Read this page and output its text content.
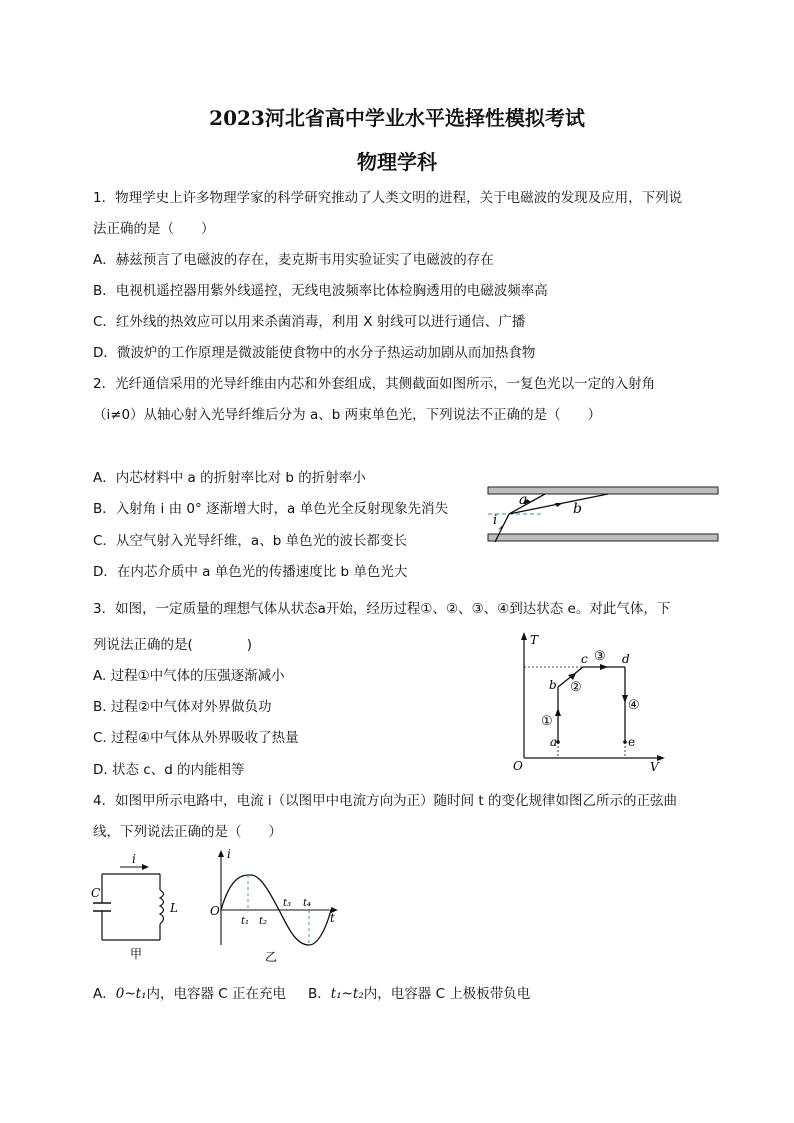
2023河北省高中学业水平选择性模拟考试
物理学科
1．物理学史上许多物理学家的科学研究推动了人类文明的进程，关于电磁波的发现及应用，下列说
法正确的是（　　）
A．赫兹预言了电磁波的存在，麦克斯韦用实验证实了电磁波的存在
B．电视机遥控器用紫外线遥控，无线电波频率比体检胸透用的电磁波频率高
C．红外线的热效应可以用来杀菌消毒，利用 X 射线可以进行通信、广播
D．微波炉的工作原理是微波能使食物中的水分子热运动加剧从而加热食物
2．光纤通信采用的光导纤维由内芯和外套组成，其侧截面如图所示，一复色光以一定的入射角
（i≠0）从轴心射入光导纤维后分为 a、b 两束单色光，下列说法不正确的是（　　）
A．内芯材料中 a 的折射率比对 b 的折射率小
B．入射角 i 由 0° 逐渐增大时，a 单色光全反射现象先消失
C．从空气射入光导纤维，a、b 单色光的波长都变长
D．在内芯介质中 a 单色光的传播速度比 b 单色光大
a
b
i
3．如图，一定质量的理想气体从状态a开始，经历过程①、②、③、④到达状态 e。对此气体，下
列说法正确的是(　　　　)
A. 过程①中气体的压强逐渐减小
B. 过程②中气体对外界做负功
C. 过程④中气体从外界吸收了热量
D. 状态 c、d 的内能相等
T
V
O
a
b
c	d
e
①
②
③
④
4．如图甲所示电路中，电流 i（以图甲中电流方向为正）随时间 t 的变化规律如图乙所示的正弦曲
线，下列说法正确的是（　　）
i
C
L
甲
i
t
O
t₁ t₂
t₃ t₄
乙
A．0~t₁内，电容器 C 正在充电 B．t₁~t₂内，电容器 C 上极板带负电
